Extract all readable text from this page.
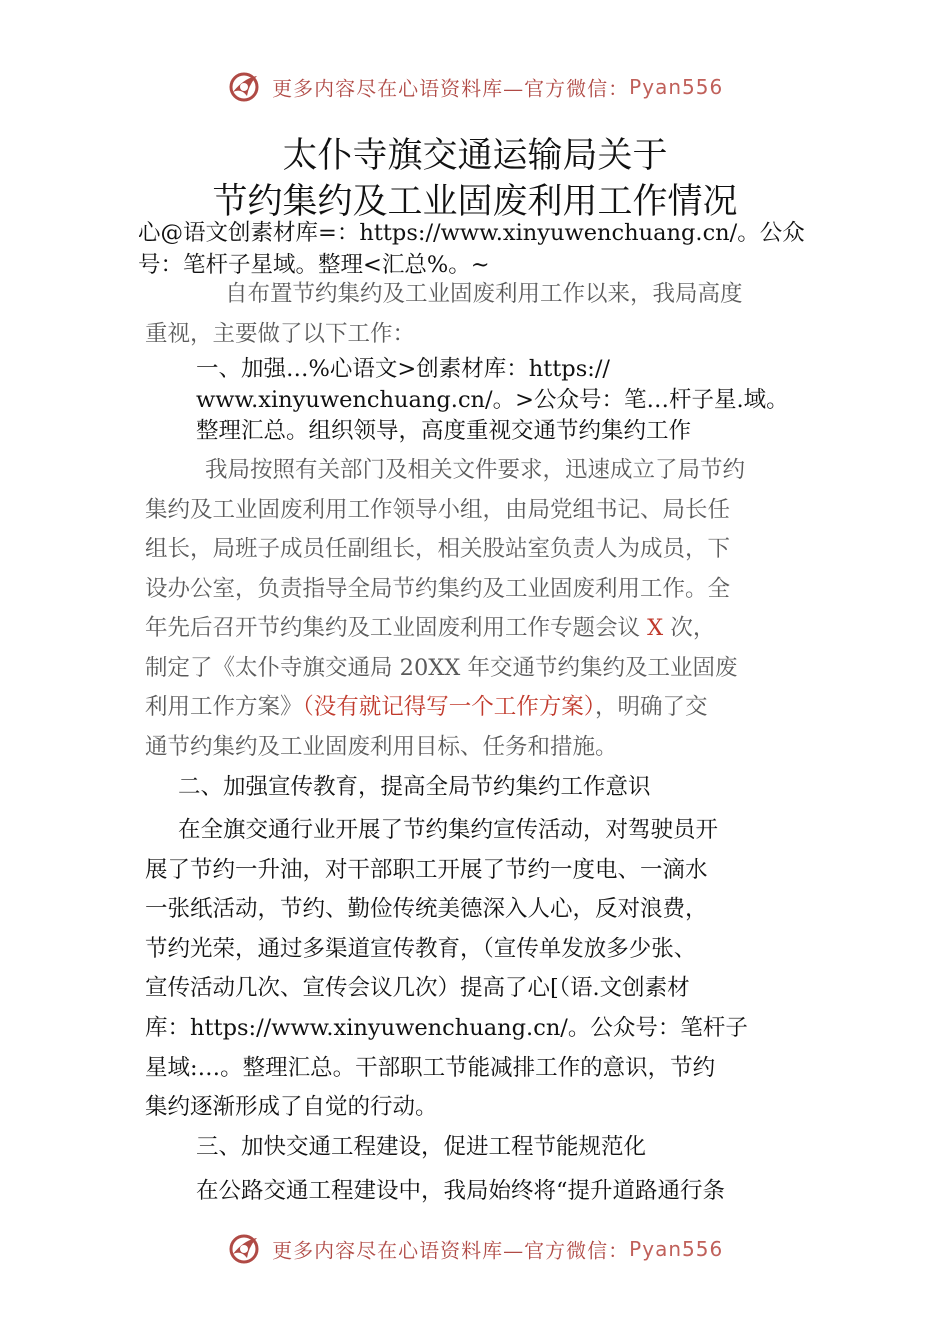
更多内容尽在心语资料库—官方微信：Pyan556
太仆寺旗交通运输局关于
节约集约及工业固废利用工作情况
心@语文创素材库=：https://www.xinyuwenchuang.cn/。公众
号：笔杆子星域。整理<汇总%。~
自布置节约集约及工业固废利用工作以来，我局高度
重视，主要做了以下工作：
一、加强…%心语文>创素材库：https://
www.xinyuwenchuang.cn/。>公众号：笔…杆子星.域。
整理汇总。组织领导，高度重视交通节约集约工作
我局按照有关部门及相关文件要求，迅速成立了局节约
集约及工业固废利用工作领导小组，由局党组书记、局长任
组长，局班子成员任副组长，相关股站室负责人为成员，下
设办公室，负责指导全局节约集约及工业固废利用工作。全
年先后召开节约集约及工业固废利用工作专题会议 X 次，
制定了《太仆寺旗交通局 20XX 年交通节约集约及工业固废
利用工作方案》（没有就记得写一个工作方案），明确了交
通节约集约及工业固废利用目标、任务和措施。
二、加强宣传教育，提高全局节约集约工作意识
在全旗交通行业开展了节约集约宣传活动，对驾驶员开
展了节约一升油，对干部职工开展了节约一度电、一滴水
一张纸活动，节约、勤俭传统美德深入人心，反对浪费，
节约光荣，通过多渠道宣传教育，（宣传单发放多少张、
宣传活动几次、宣传会议几次）提高了心[（语.文创素材
库：https://www.xinyuwenchuang.cn/。公众号：笔杆子
星域:…。整理汇总。干部职工节能减排工作的意识，节约
集约逐渐形成了自觉的行动。
三、加快交通工程建设，促进工程节能规范化
在公路交通工程建设中，我局始终将“提升道路通行条
更多内容尽在心语资料库—官方微信：Pyan556
